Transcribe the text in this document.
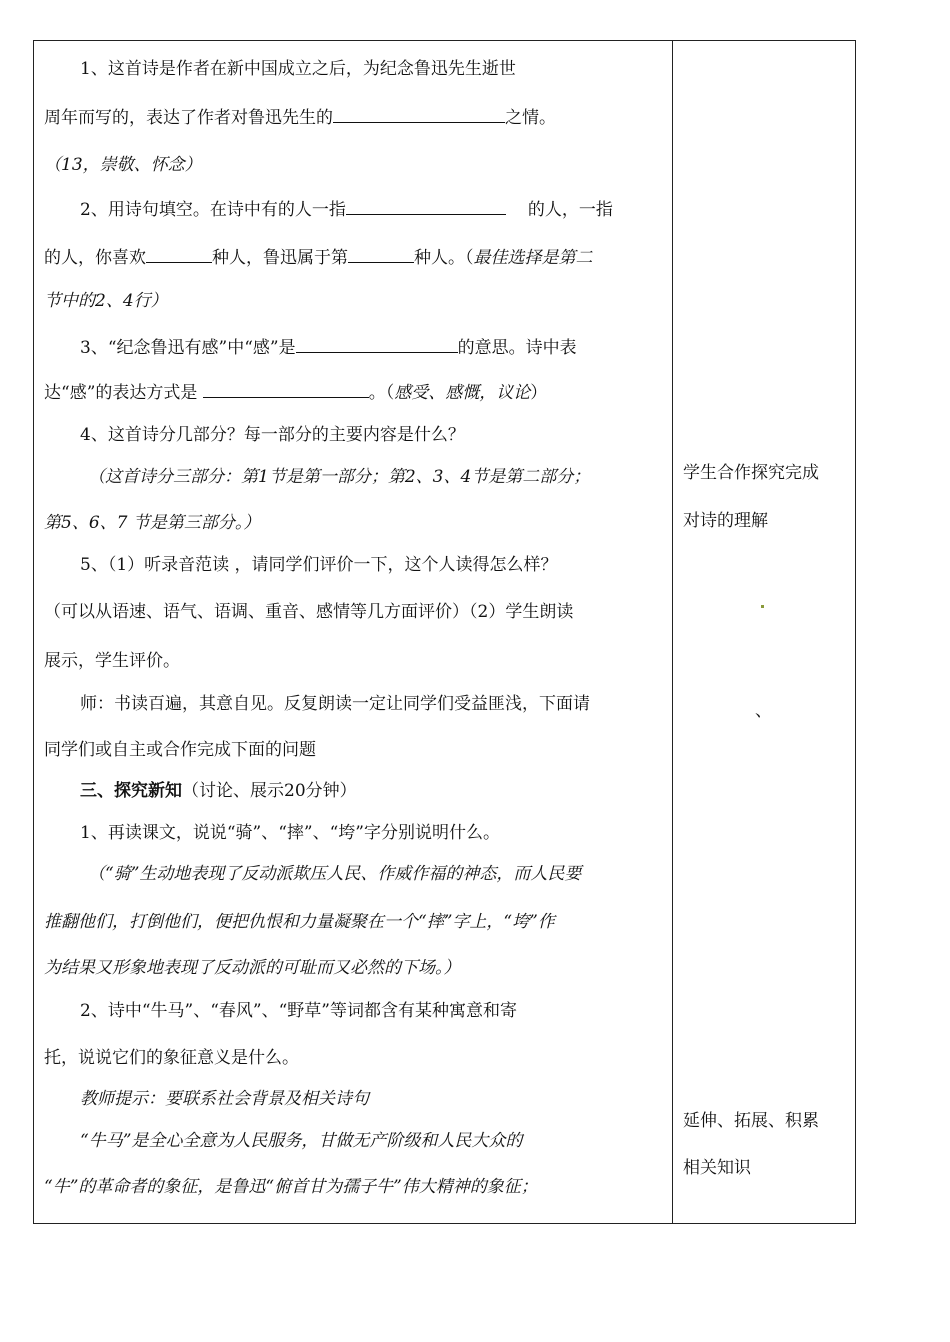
1、这首诗是作者在新中国成立之后，为纪念鲁迅先生逝世
周年而写的，表达了作者对鲁迅先生的	之情。
（13，崇敬、怀念）
2、用诗句填空。在诗中有的人一指	的人，一指
的人，你喜欢	种人，鲁迅属于第	种人。（最佳选择是第二
节中的2、4行）
3、“纪念鲁迅有感”中“感”是	的意思。诗中表
达“感”的表达方式是	。（感受、感慨，议论）
4、这首诗分几部分？每一部分的主要内容是什么？
（这首诗分三部分：第1节是第一部分；第2、3、4节是第二部分；
第5、6、7 节是第三部分。）
5、（1）听录音范读 ，请同学们评价一下，这个人读得怎么样？
（可以从语速、语气、语调、重音、感情等几方面评价）（2）学生朗读
展示，学生评价。
师：书读百遍，其意自见。反复朗读一定让同学们受益匪浅，下面请
同学们或自主或合作完成下面的问题
三、探究新知（讨论、展示20分钟）
1、再读课文，说说“骑”、“摔”、“垮”字分别说明什么。
（“骑”生动地表现了反动派欺压人民、作威作福的神态，而人民要
推翻他们，打倒他们，便把仇恨和力量凝聚在一个“摔”字上，“垮”作
为结果又形象地表现了反动派的可耻而又必然的下场。）
2、诗中“牛马”、“春风”、“野草”等词都含有某种寓意和寄
托，说说它们的象征意义是什么。
教师提示：要联系社会背景及相关诗句
“牛马”是全心全意为人民服务，甘做无产阶级和人民大众的
“牛”的革命者的象征，是鲁迅“俯首甘为孺子牛”伟大精神的象征；
学生合作探究完成
对诗的理解
、
延伸、拓展、积累
相关知识
